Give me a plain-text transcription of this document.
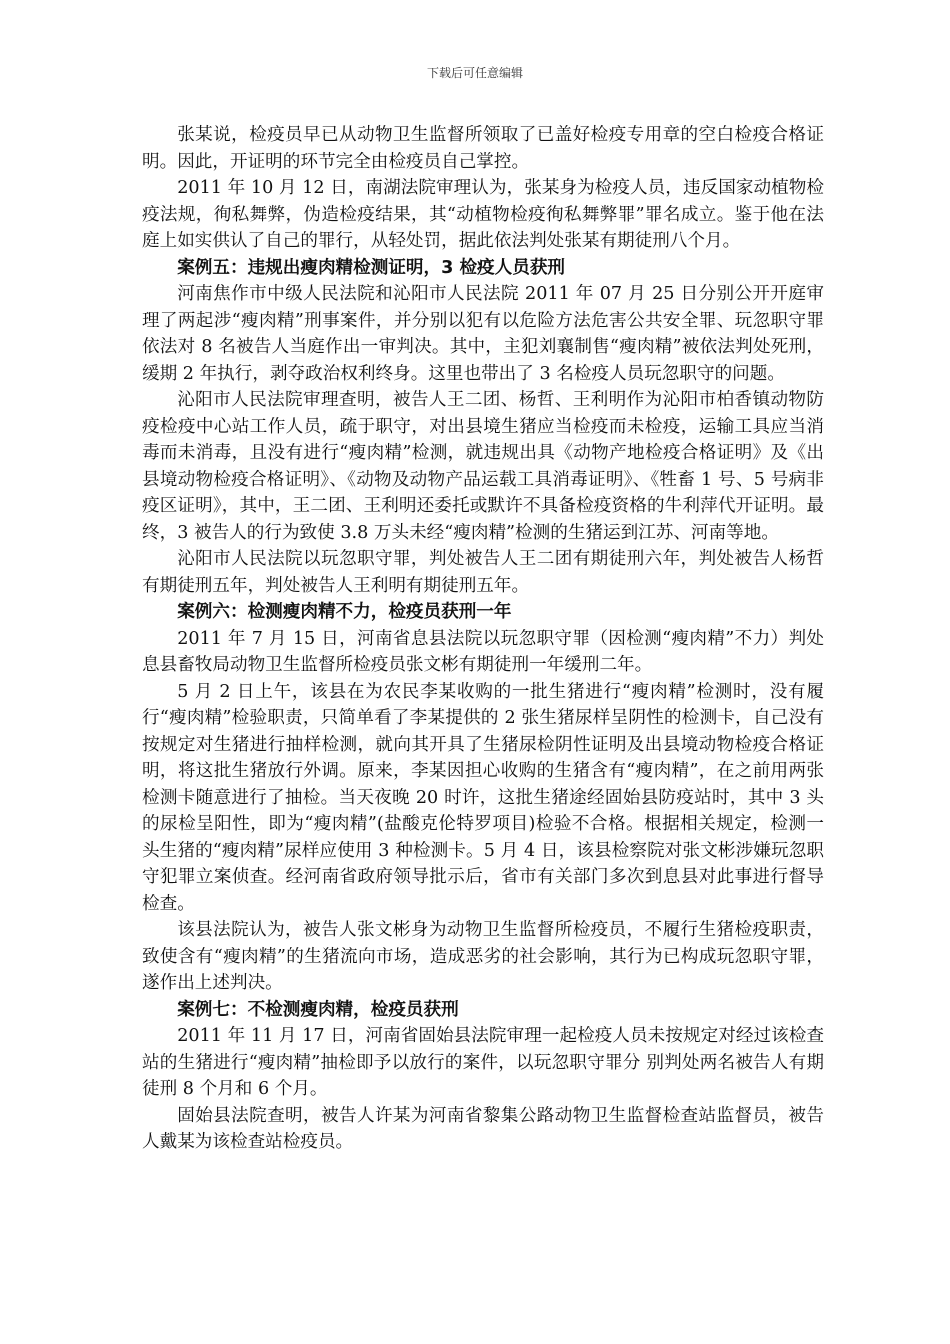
下载后可任意编辑

张某说，检疫员早已从动物卫生监督所领取了已盖好检疫专用章的空白检疫合格证明。因此，开证明的环节完全由检疫员自己掌控。

2011 年 10 月 12 日，南湖法院审理认为，张某身为检疫人员，违反国家动植物检疫法规，徇私舞弊，伪造检疫结果，其“动植物检疫徇私舞弊罪”罪名成立。鉴于他在法庭上如实供认了自己的罪行，从轻处罚，据此依法判处张某有期徒刑八个月。

案例五：违规出瘦肉精检测证明，3 检疫人员获刑

河南焦作市中级人民法院和沁阳市人民法院 2011 年 07 月 25 日分别公开开庭审理了两起涉“瘦肉精”刑事案件，并分别以犯有以危险方法危害公共安全罪、玩忽职守罪依法对 8 名被告人当庭作出一审判决。其中，主犯刘襄制售“瘦肉精”被依法判处死刑，缓期 2 年执行，剥夺政治权利终身。这里也带出了 3 名检疫人员玩忽职守的问题。

沁阳市人民法院审理查明，被告人王二团、杨哲、王利明作为沁阳市柏香镇动物防疫检疫中心站工作人员，疏于职守，对出县境生猪应当检疫而未检疫，运输工具应当消毒而未消毒，且没有进行“瘦肉精”检测，就违规出具《动物产地检疫合格证明》及《出县境动物检疫合格证明》、《动物及动物产品运载工具消毒证明》、《牲畜 1 号、5 号病非疫区证明》，其中，王二团、王利明还委托或默许不具备检疫资格的牛利萍代开证明。最终，3 被告人的行为致使 3.8 万头未经“瘦肉精”检测的生猪运到江苏、河南等地。

沁阳市人民法院以玩忽职守罪，判处被告人王二团有期徒刑六年，判处被告人杨哲有期徒刑五年，判处被告人王利明有期徒刑五年。

案例六：检测瘦肉精不力，检疫员获刑一年

2011 年 7 月 15 日，河南省息县法院以玩忽职守罪（因检测“瘦肉精”不力）判处息县畜牧局动物卫生监督所检疫员张文彬有期徒刑一年缓刑二年。

5 月 2 日上午，该县在为农民李某收购的一批生猪进行“瘦肉精”检测时，没有履行“瘦肉精”检验职责，只简单看了李某提供的 2 张生猪尿样呈阴性的检测卡，自己没有按规定对生猪进行抽样检测，就向其开具了生猪尿检阴性证明及出县境动物检疫合格证明，将这批生猪放行外调。原来，李某因担心收购的生猪含有“瘦肉精”，在之前用两张检测卡随意进行了抽检。当天夜晚 20 时许，这批生猪途经固始县防疫站时，其中 3 头的尿检呈阳性，即为“瘦肉精”(盐酸克伦特罗项目)检验不合格。根据相关规定，检测一头生猪的“瘦肉精”尿样应使用 3 种检测卡。5 月 4 日，该县检察院对张文彬涉嫌玩忽职守犯罪立案侦查。经河南省政府领导批示后，省市有关部门多次到息县对此事进行督导检查。

该县法院认为，被告人张文彬身为动物卫生监督所检疫员，不履行生猪检疫职责，致使含有“瘦肉精”的生猪流向市场，造成恶劣的社会影响，其行为已构成玩忽职守罪，遂作出上述判决。

案例七：不检测瘦肉精，检疫员获刑

2011 年 11 月 17 日，河南省固始县法院审理一起检疫人员未按规定对经过该检查站的生猪进行“瘦肉精”抽检即予以放行的案件，以玩忽职守罪分 别判处两名被告人有期徒刑 8 个月和 6 个月。

固始县法院查明，被告人许某为河南省黎集公路动物卫生监督检查站监督员，被告人戴某为该检查站检疫员。
